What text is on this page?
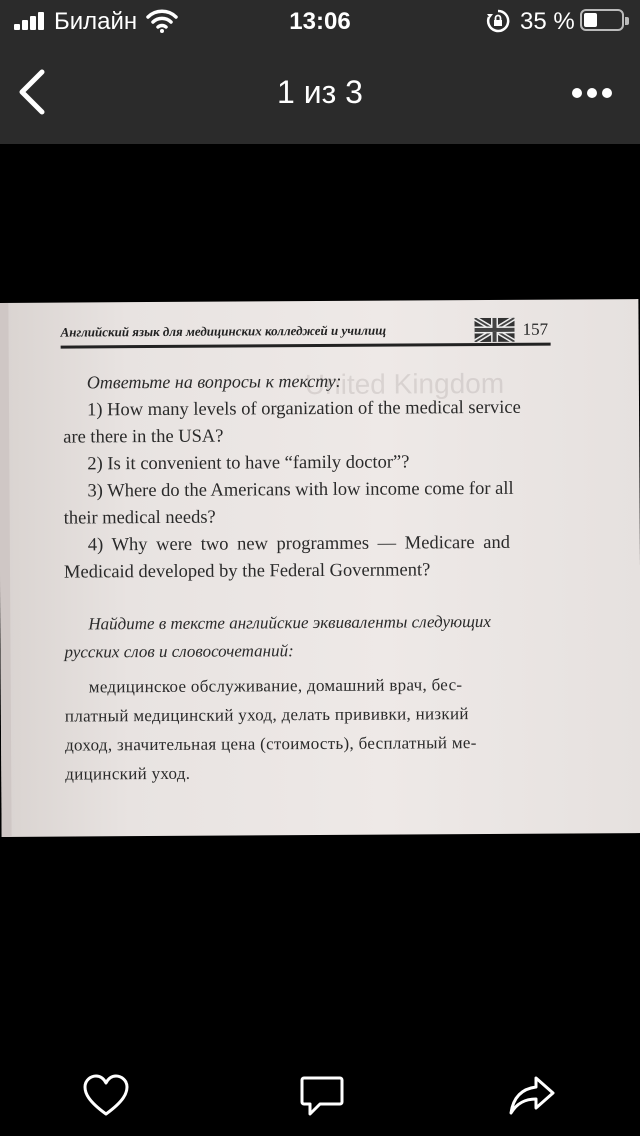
Билайн	13:06	35 %
1 из 3
United Kingdom
Английский язык для медицинских колледжей и училищ	157
Ответьте на вопросы к тексту:
1) How many levels of organization of the medical service
are there in the USA?
2) Is it convenient to have “family doctor”?
3) Where do the Americans with low income come for all
their medical needs?
4) Why were two new programmes — Medicare and
Medicaid developed by the Federal Government?
Найдите в тексте английские эквиваленты следующих
русских слов и словосочетаний:
медицинское обслуживание, домашний врач, бес-
платный медицинский уход, делать прививки, низкий
доход, значительная цена (стоимость), бесплатный ме-
дицинский уход.
